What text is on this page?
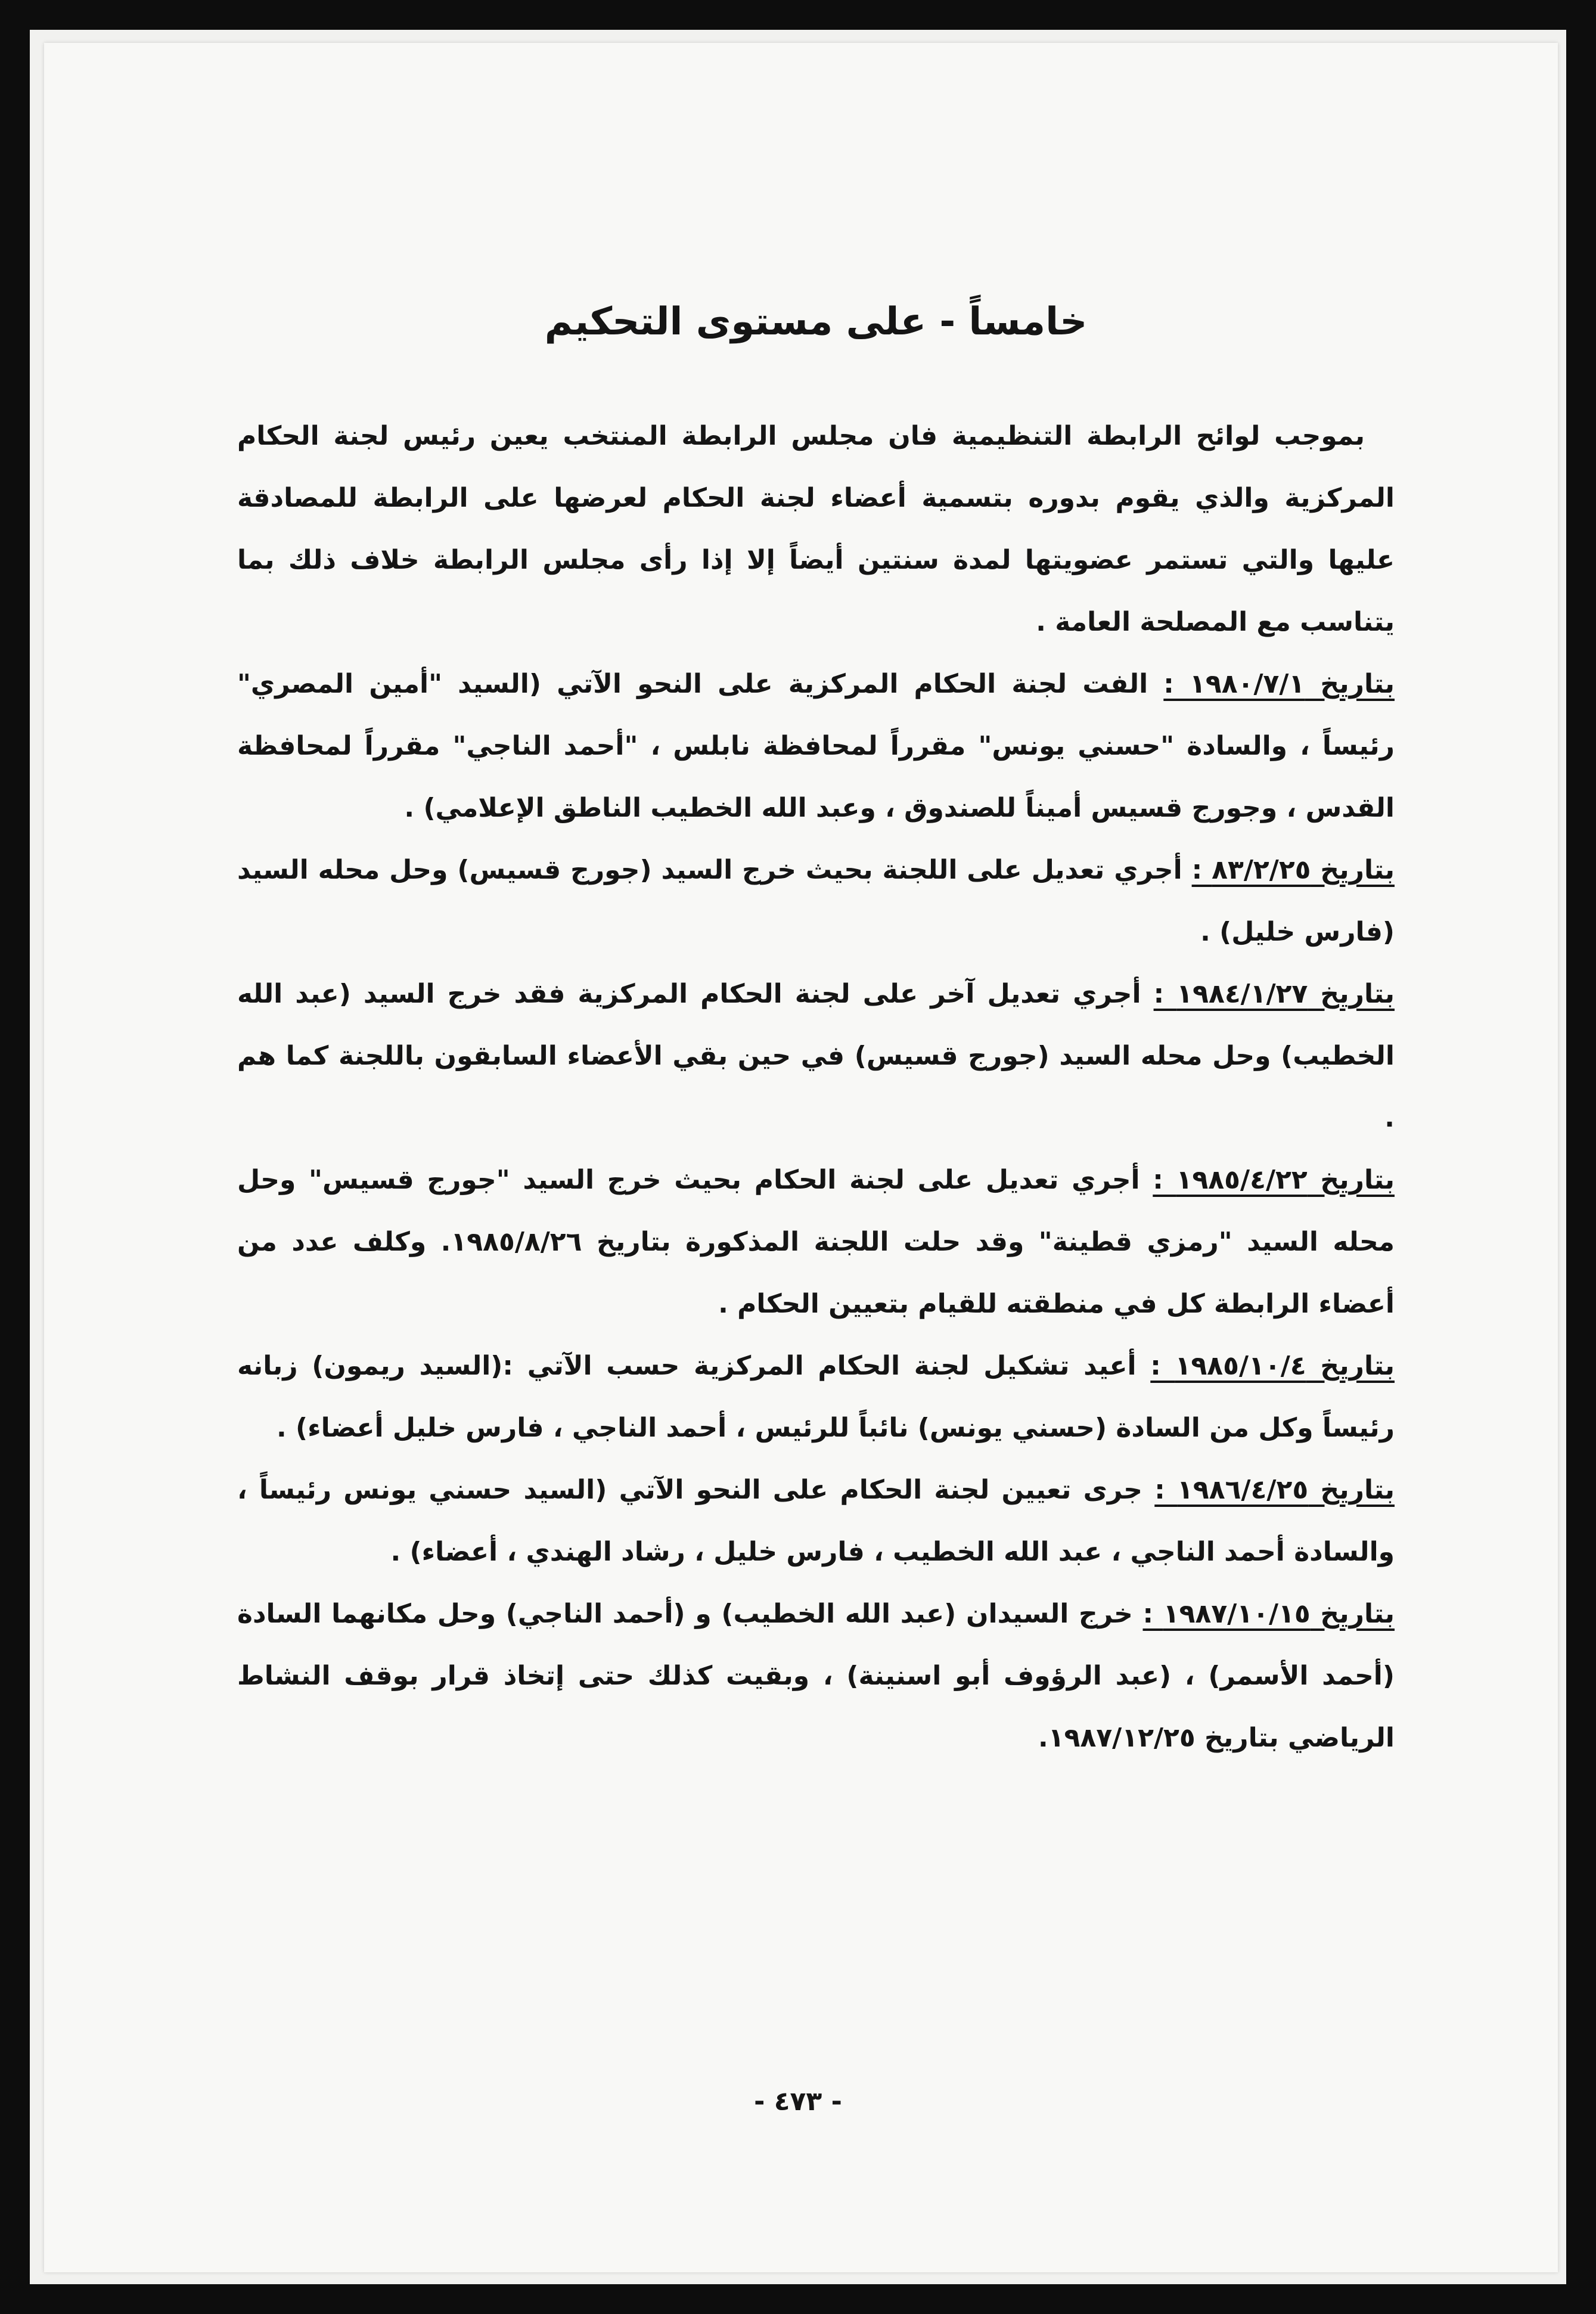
خامساً - على مستوى التحكيم

بموجب لوائح الرابطة التنظيمية فان مجلس الرابطة المنتخب يعين رئيس لجنة الحكام المركزية والذي يقوم بدوره بتسمية أعضاء لجنة الحكام لعرضها على الرابطة للمصادقة عليها والتي تستمر عضويتها لمدة سنتين أيضاً إلا إذا رأى مجلس الرابطة خلاف ذلك بما يتناسب مع المصلحة العامة .

بتاريخ ١٩٨٠/٧/١ : الفت لجنة الحكام المركزية على النحو الآتي (السيد "أمين المصري" رئيساً ، والسادة "حسني يونس" مقرراً لمحافظة نابلس ، "أحمد الناجي" مقرراً لمحافظة القدس ، وجورج قسيس أميناً للصندوق ، وعبد الله الخطيب الناطق الإعلامي) .

بتاريخ ٨٣/٢/٢٥ : أجري تعديل على اللجنة بحيث خرج السيد (جورج قسيس) وحل محله السيد (فارس خليل) .

بتاريخ ١٩٨٤/١/٢٧ : أجري تعديل آخر على لجنة الحكام المركزية فقد خرج السيد (عبد الله الخطيب) وحل محله السيد (جورج قسيس) في حين بقي الأعضاء السابقون باللجنة كما هم .

بتاريخ ١٩٨٥/٤/٢٢ : أجري تعديل على لجنة الحكام بحيث خرج السيد "جورج قسيس" وحل محله السيد "رمزي قطينة" وقد حلت اللجنة المذكورة بتاريخ ١٩٨٥/٨/٢٦. وكلف عدد من أعضاء الرابطة كل في منطقته للقيام بتعيين الحكام .

بتاريخ ١٩٨٥/١٠/٤ : أعيد تشكيل لجنة الحكام المركزية حسب الآتي :(السيد ريمون) زبانه رئيساً وكل من السادة (حسني يونس) نائباً للرئيس ، أحمد الناجي ، فارس خليل أعضاء) .

بتاريخ ١٩٨٦/٤/٢٥ : جرى تعيين لجنة الحكام على النحو الآتي (السيد حسني يونس رئيساً ، والسادة أحمد الناجي ، عبد الله الخطيب ، فارس خليل ، رشاد الهندي ، أعضاء) .

بتاريخ ١٩٨٧/١٠/١٥ : خرج السيدان (عبد الله الخطيب) و (أحمد الناجي) وحل مكانهما السادة (أحمد الأسمر) ، (عبد الرؤوف أبو اسنينة) ، وبقيت كذلك حتى إتخاذ قرار بوقف النشاط الرياضي بتاريخ ١٩٨٧/١٢/٢٥.

- ٤٧٣ -
